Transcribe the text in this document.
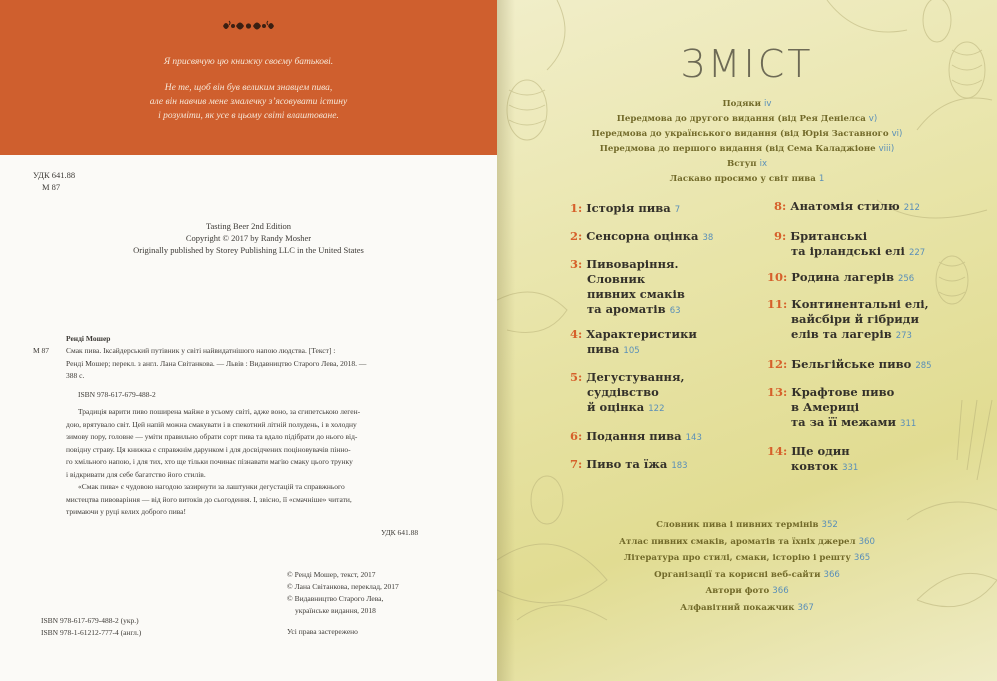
Я присвячую цю книжку своєму батькові.
Не те, щоб він був великим знавцем пива,
але він навчив мене змалечку з’ясовувати істину
і розуміти, як усе в цьому світі влаштоване.
УДК 641.88
М 87
Tasting Beer 2nd Edition
Copyright © 2017 by Randy Mosher
Originally published by Storey Publishing LLC in the United States
Ренді Мошер
М 87 Смак пива. Іксайдерський путівник у світі найвидатнішого напою людства. [Текст] :
Ренді Мошер; перекл. з англ. Лана Світанкова. — Львів : Видавництво Старого Лева, 2018. —
388 с.
ISBN 978-617-679-488-2
Традиція варити пиво поширена майже в усьому світі, адже воно, за єгипетською леген-
дою, врятувало світ. Цей напій можна смакувати і в спекотний літній полудень, і в холодну
зимову пору, головне — уміти правильно обрати сорт пива та вдало підібрати до нього від-
повідну страву. Ця книжка є справжнім дарунком і для досвідчених поціновувачів пінно-
го хмільного напою, і для тих, хто ще тільки починає пізнавати магію смаку цього трунку
і відкривати для себе багатство його стилів.
«Смак пива» є чудовою нагодою зазирнути за лаштунки дегустацій та справжнього
мистецтва пивоваріння — від його витоків до сьогодення. І, звісно, її «смачніше» читати,
тримаючи у руці келих доброго пива!
УДК 641.88
© Ренді Мошер, текст, 2017
© Лана Світанкова, переклад, 2017
© Видавництво Старого Лева,
українське видання, 2018
Усі права застережено
ISBN 978-617-679-488-2 (укр.)
ISBN 978-1-61212-777-4 (англ.)
ЗМІСТ
Подяки iv
Передмова до другого видання (від Рея Деніелса v)
Передмова до українського видання (від Юрія Заставного vi)
Передмова до першого видання (від Сема Каладжіоне viii)
Вступ ix
Ласкаво просимо у світ пива 1
1: Історія пива 7
2: Сенсорна оцінка 38
3: Пивоваріння.
Словник
пивних смаків
та ароматів 63
4: Характеристики
пива 105
5: Дегустування,
суддівство
й оцінка 122
6: Подання пива 143
7: Пиво та їжа 183
8: Анатомія стилю 212
9: Британські
та ірландські елі 227
10: Родина лагерів 256
11: Континентальні елі,
вайсбіри й гібриди
елів та лагерів 273
12: Бельгійське пиво 285
13: Крафтове пиво
в Америці
та за її межами 311
14: Ще один
ковток 331
Словник пива і пивних термінів 352
Атлас пивних смаків, ароматів та їхніх джерел 360
Література про стилі, смаки, історію і решту 365
Організації та корисні веб-сайти 366
Автори фото 366
Алфавітний покажчик 367
